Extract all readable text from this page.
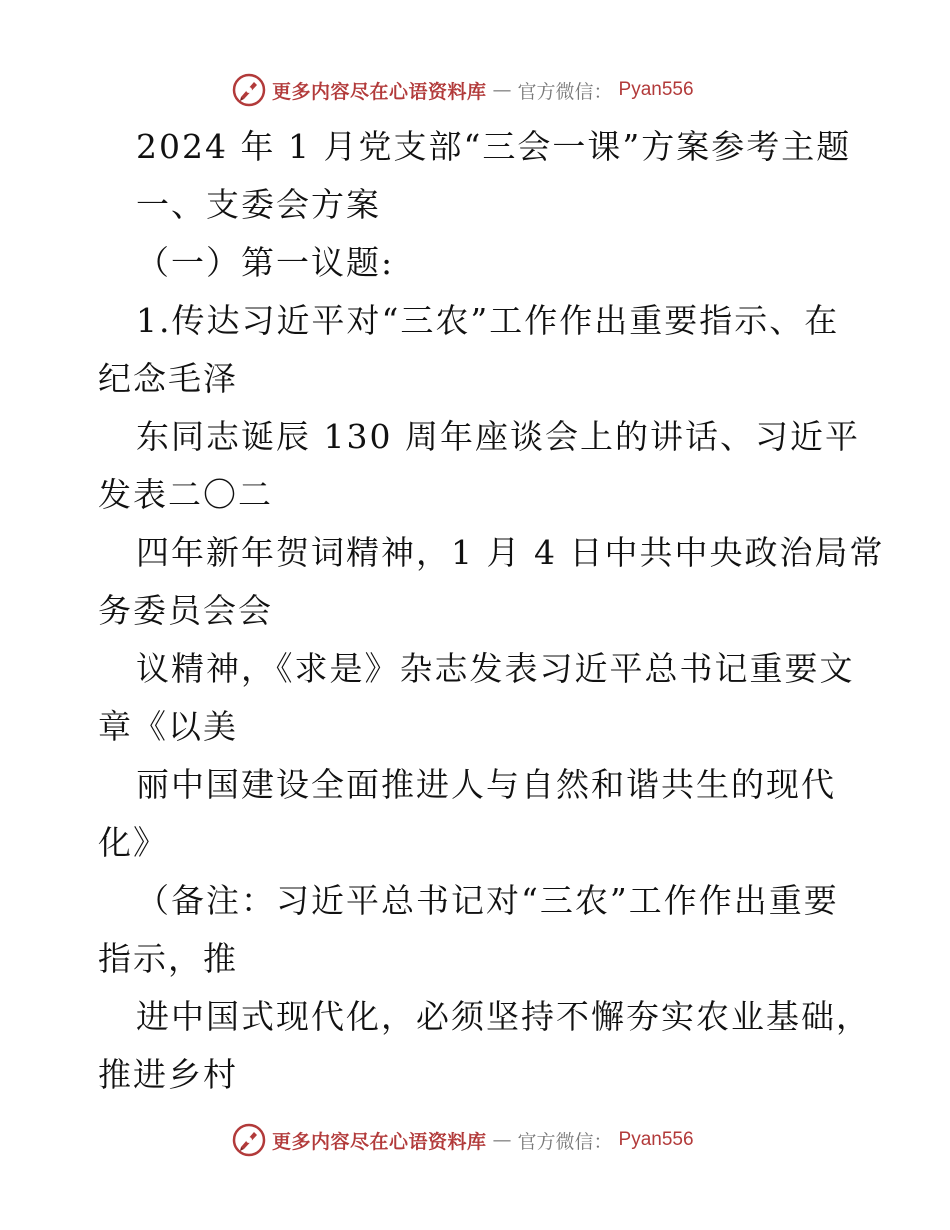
更多内容尽在心语资料库 — 官方微信： Pyan556
2024 年 1 月党支部“三会一课”方案参考主题
一、支委会方案
（一）第一议题:
1.传达习近平对“三农”工作作出重要指示、在
纪念毛泽
东同志诞辰 130 周年座谈会上的讲话、习近平
发表二〇二
四年新年贺词精神，1 月 4 日中共中央政治局常
务委员会会
议精神，《求是》杂志发表习近平总书记重要文
章《以美
丽中国建设全面推进人与自然和谐共生的现代
化》
（备注：习近平总书记对“三农”工作作出重要
指示，推
进中国式现代化，必须坚持不懈夯实农业基础，
推进乡村
更多内容尽在心语资料库 — 官方微信： Pyan556
